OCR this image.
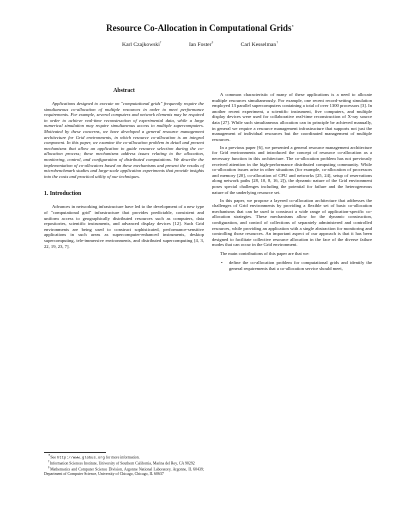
Resource Co-Allocation in Computational Grids∗
Karl Czajkowski†	Ian Foster‡	Carl Kesselman†
Abstract

Applications designed to execute on "computational grids" frequently require the simultaneous co-allocation of multiple resources in order to meet performance requirements. For example, several computers and network elements may be required in order to achieve real-time reconstruction of experimental data, while a large numerical simulation may require simultaneous access to multiple supercomputers. Motivated by these concerns, we have developed a general resource management architecture for Grid environments, in which resource co-allocation is an integral component. In this paper, we examine the co-allocation problem in detail and present mechanisms that allow an application to guide resource selection during the co-allocation process; these mechanisms address issues relating to the allocation, monitoring, control, and configuration of distributed computations. We describe the implementation of co-allocators based on these mechanisms and present the results of microbenchmark studies and large-scale application experiments that provide insights into the costs and practical utility of our techniques.

1. Introduction

Advances in networking infrastructure have led to the development of a new type of "computational grid" infrastructure that provides predictable, consistent and uniform access to geographically distributed resources such as computers, data repositories, scientific instruments, and advanced display devices [12]. Such Grid environments are being used to construct sophisticated, performance-sensitive applications in such areas as supercomputer-enhanced instruments, desktop supercomputing, tele-immersive environments, and distributed supercomputing [4, 3, 22, 19, 23, 7].

∗See http://www.globus.org for more information.
†Information Sciences Institute, University of Southern California, Marina del Rey, CA 90292
‡Mathematics and Computer Science Division, Argonne National Laboratory, Argonne, IL 60439; Department of Computer Science, University of Chicago, Chicago, IL 60637

A common characteristic of many of these applications is a need to allocate multiple resources simultaneously. For example, one recent record-setting simulation employed 13 parallel supercomputers containing a total of over 1300 processors [3]. In another recent experiment, a scientific instrument, five computers, and multiple display devices were used for collaborative real-time reconstruction of X-ray source data [27]. While such simultaneous allocation can in principle be achieved manually, in general we require a resource management infrastructure that supports not just the management of individual resources but the coordinated management of multiple resources.

In a previous paper [6], we presented a general resource management architecture for Grid environments and introduced the concept of resource co-allocation as a necessary function in this architecture. The co-allocation problem has not previously received attention in the high-performance distributed computing community. While co-allocation issues arise in other situations (for example, co-allocation of processors and memory [20], co-allocation of CPU and networks [25, 24], setup of reservations along network paths [28, 10, 8, 16, 2]), the dynamic nature of the Grid environment poses special challenges including the potential for failure and the heterogeneous nature of the underlying resource set.

In this paper, we propose a layered co-allocation architecture that addresses the challenges of Grid environments by providing a flexible set of basic co-allocation mechanisms that can be used to construct a wide range of application-specific co-allocation strategies. These mechanisms allow for the dynamic construction, configuration, and control of collections of separately administered and controlled resources, while providing an application with a single abstraction for monitoring and controlling those resources. An important aspect of our approach is that it has been designed to facilitate collective resource allocation in the face of the diverse failure modes that can occur in the Grid environment.

The main contributions of this paper are that we:

• define the co-allocation problem for computational grids and identify the general requirements that a co-allocation service should meet,
